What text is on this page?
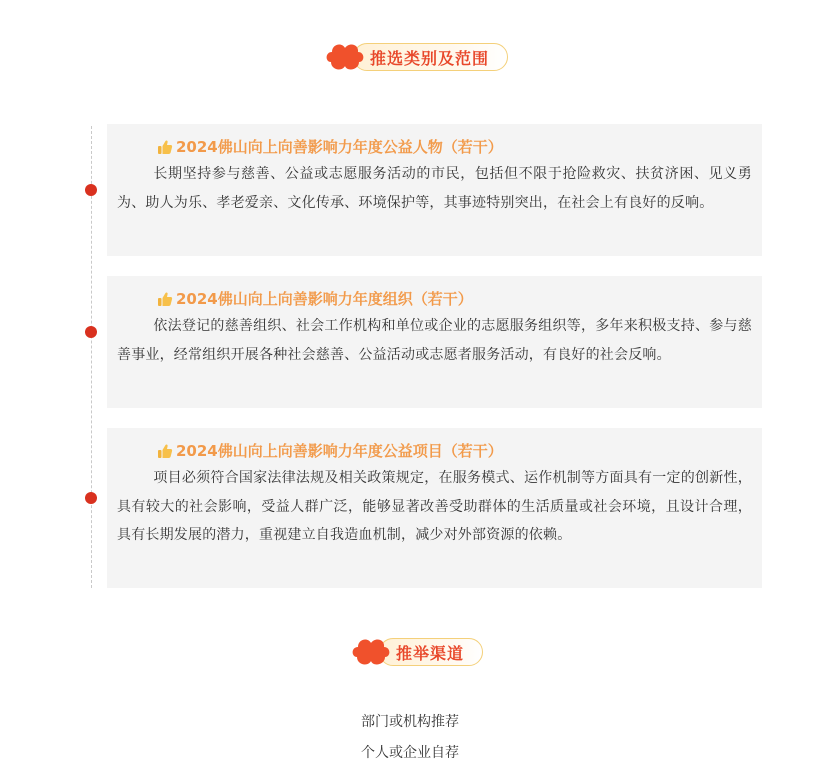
推选类别及范围
2024佛山向上向善影响力年度公益人物（若干）
长期坚持参与慈善、公益或志愿服务活动的市民，包括但不限于抢险救灾、扶贫济困、见义勇为、助人为乐、孝老爱亲、文化传承、环境保护等，其事迹特别突出，在社会上有良好的反响。
2024佛山向上向善影响力年度组织（若干）
依法登记的慈善组织、社会工作机构和单位或企业的志愿服务组织等，多年来积极支持、参与慈善事业，经常组织开展各种社会慈善、公益活动或志愿者服务活动，有良好的社会反响。
2024佛山向上向善影响力年度公益项目（若干）
项目必须符合国家法律法规及相关政策规定，在服务模式、运作机制等方面具有一定的创新性，具有较大的社会影响，受益人群广泛，能够显著改善受助群体的生活质量或社会环境，且设计合理，具有长期发展的潜力，重视建立自我造血机制，减少对外部资源的依赖。
推举渠道
部门或机构推荐
个人或企业自荐
